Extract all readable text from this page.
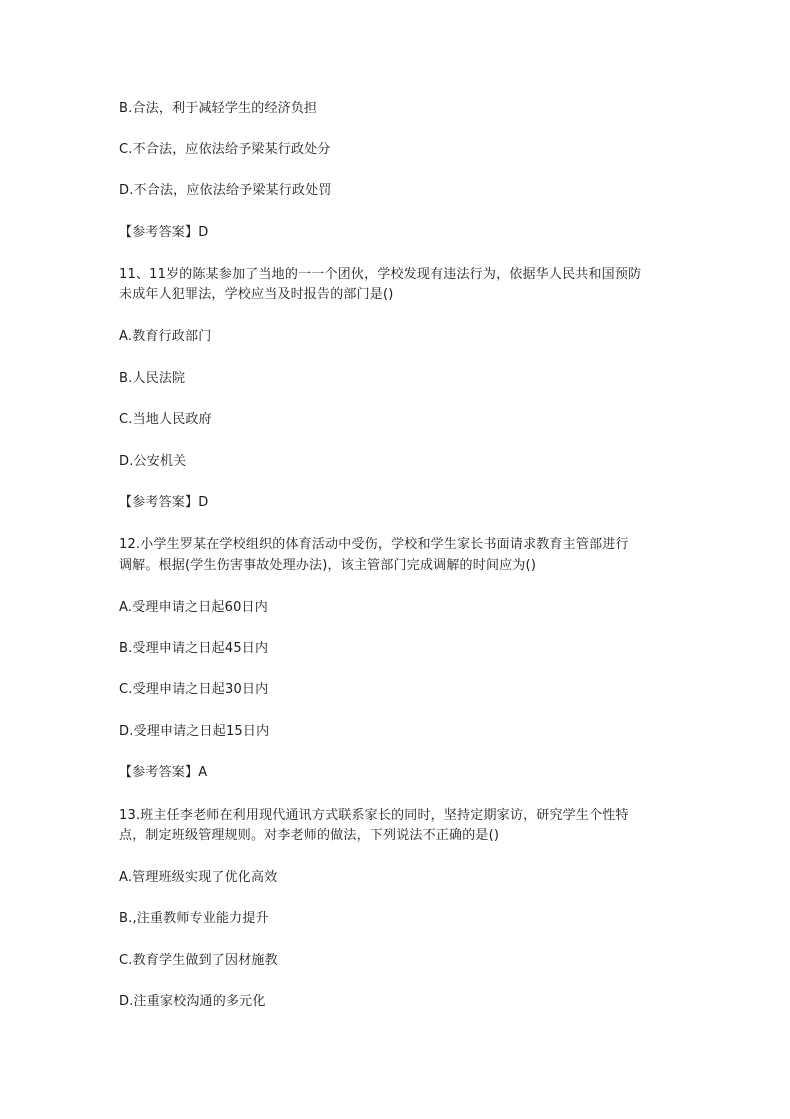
B.合法，利于减轻学生的经济负担
C.不合法，应依法给予梁某行政处分
D.不合法，应依法给予梁某行政处罚
【参考答案】D
11、11岁的陈某参加了当地的一一个团伙，学校发现有违法行为，依据华人民共和国预防
未成年人犯罪法，学校应当及时报告的部门是()
A.教育行政部门
B.人民法院
C.当地人民政府
D.公安机关
【参考答案】D
12.小学生罗某在学校组织的体育活动中受伤，学校和学生家长书面请求教育主管部进行
调解。根据(学生伤害事故处理办法)，该主管部门完成调解的时间应为()
A.受理申请之日起60日内
B.受理申请之日起45日内
C.受理申请之日起30日内
D.受理申请之日起15日内
【参考答案】A
13.班主任李老师在利用现代通讯方式联系家长的同时，坚持定期家访，研究学生个性特
点，制定班级管理规则。对李老师的做法，下列说法不正确的是()
A.管理班级实现了优化高效
B.,注重教师专业能力提升
C.教育学生做到了因材施教
D.注重家校沟通的多元化
